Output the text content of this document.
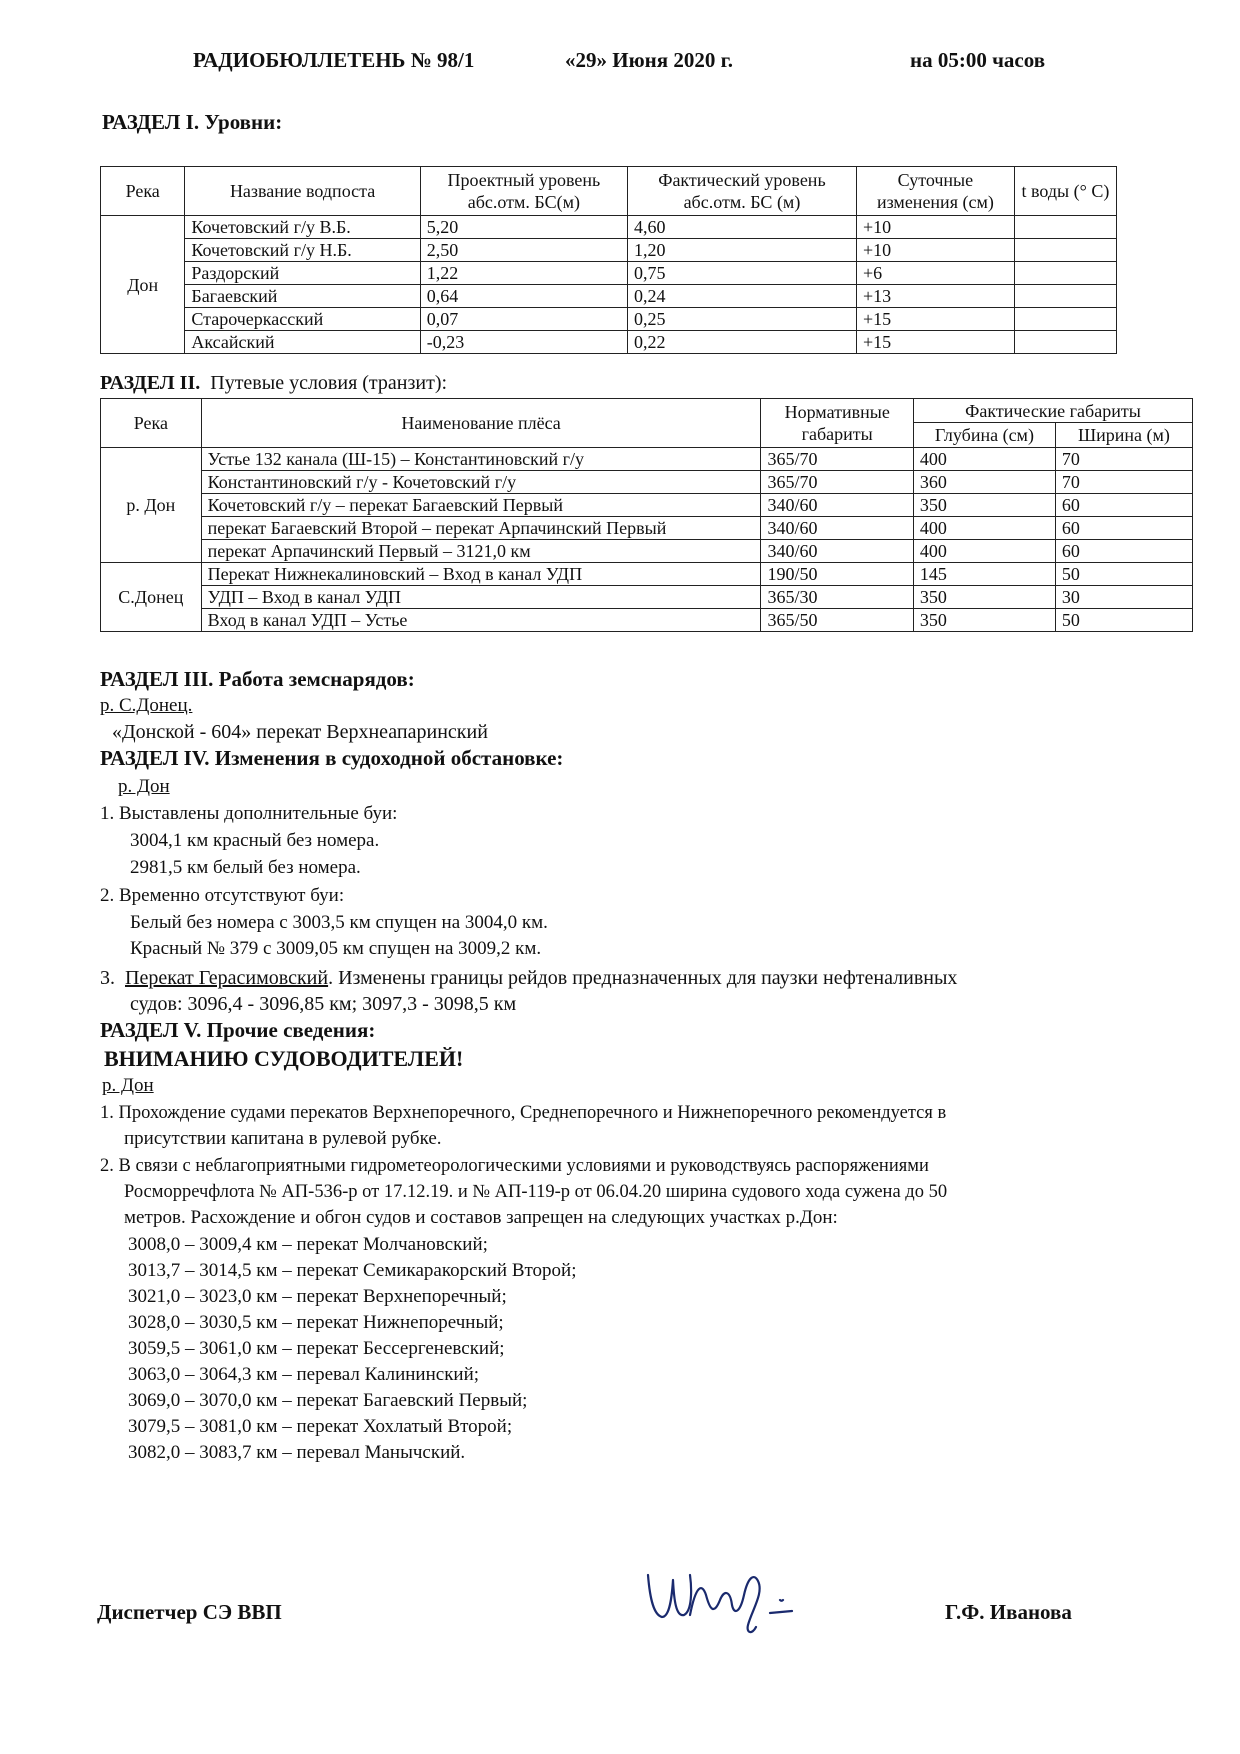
РАДИОБЮЛЛЕТЕНЬ № 98/1	«29» Июня 2020 г.	на 05:00 часов
РАЗДЕЛ I. Уровни:
Река	Название водпоста	Проектный уровень абс.отм. БС(м)	Фактический уровень абс.отм. БС (м)	Суточные изменения (см)	t воды (° С)
Дон	Кочетовский г/у В.Б.	5,20	4,60	+10	
	Кочетовский г/у Н.Б.	2,50	1,20	+10	
	Раздорский	1,22	0,75	+6	
	Багаевский	0,64	0,24	+13	
	Старочеркасский	0,07	0,25	+15	
	Аксайский	-0,23	0,22	+15	
РАЗДЕЛ II. Путевые условия (транзит):
Река	Наименование плёса	Нормативные габариты	Фактические габариты	
			Глубина (см)	Ширина (м)
р. Дон	Устье 132 канала (Ш-15) – Константиновский г/у	365/70	400	70
	Константиновский г/у - Кочетовский г/у	365/70	360	70
	Кочетовский г/у – перекат Багаевский Первый	340/60	350	60
	перекат Багаевский Второй – перекат Арпачинский Первый	340/60	400	60
	перекат Арпачинский Первый – 3121,0 км	340/60	400	60
С.Донец	Перекат Нижнекалиновский – Вход в канал УДП	190/50	145	50
	УДП – Вход в канал УДП	365/30	350	30
	Вход в канал УДП – Устье	365/50	350	50
РАЗДЕЛ III. Работа земснарядов:
р. С.Донец.
«Донской - 604» перекат Верхнеапаринский
РАЗДЕЛ IV. Изменения в судоходной обстановке:
р. Дон
1. Выставлены дополнительные буи:
3004,1 км красный без номера.
2981,5 км белый без номера.
2. Временно отсутствуют буи:
Белый без номера с 3003,5 км спущен на 3004,0 км.
Красный № 379 с 3009,05 км спущен на 3009,2 км.
3. Перекат Герасимовский. Изменены границы рейдов предназначенных для паузки нефтеналивных
судов: 3096,4 - 3096,85 км; 3097,3 - 3098,5 км
РАЗДЕЛ V. Прочие сведения:
ВНИМАНИЮ СУДОВОДИТЕЛЕЙ!
р. Дон
1. Прохождение судами перекатов Верхнепоречного, Среднепоречного и Нижнепоречного рекомендуется в
присутствии капитана в рулевой рубке.
2. В связи с неблагоприятными гидрометеорологическими условиями и руководствуясь распоряжениями
Росморречфлота № АП-536-р от 17.12.19. и № АП-119-р от 06.04.20 ширина судового хода сужена до 50
метров. Расхождение и обгон судов и составов запрещен на следующих участках р.Дон:
3008,0 – 3009,4 км – перекат Молчановский;
3013,7 – 3014,5 км – перекат Семикаракорский Второй;
3021,0 – 3023,0 км – перекат Верхнепоречный;
3028,0 – 3030,5 км – перекат Нижнепоречный;
3059,5 – 3061,0 км – перекат Бессергеневский;
3063,0 – 3064,3 км – перевал Калининский;
3069,0 – 3070,0 км – перекат Багаевский Первый;
3079,5 – 3081,0 км – перекат Хохлатый Второй;
3082,0 – 3083,7 км – перевал Манычский.
Диспетчер СЭ ВВП	Г.Ф. Иванова
